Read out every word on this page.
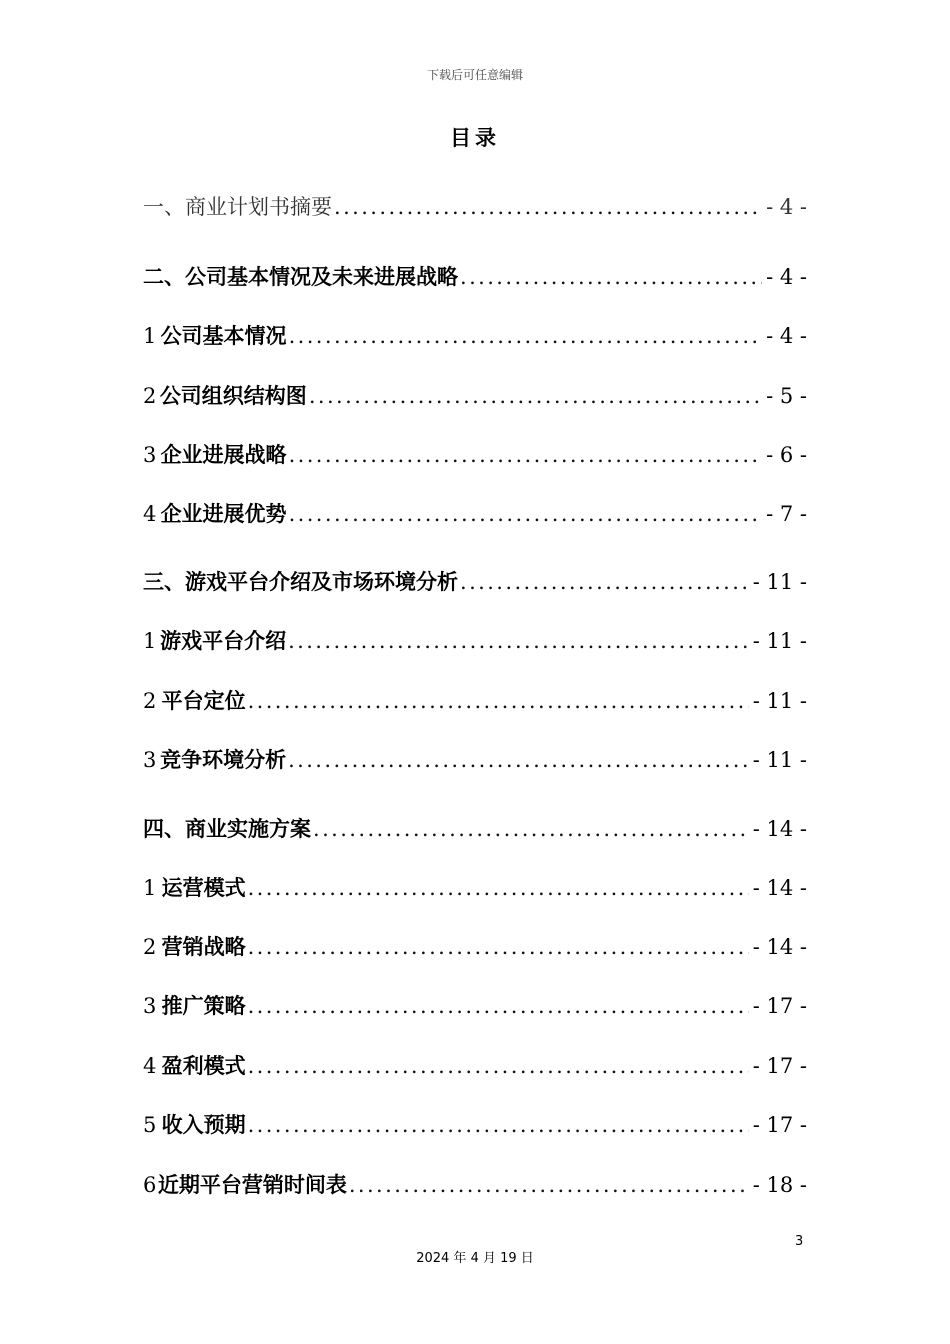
下载后可任意编辑
目录
一、商业计划书摘要 .....	- 4 -
二、公司基本情况及未来进展战略 .....	- 4 -
1 公司基本情况 .....	- 4 -
2 公司组织结构图 .....	- 5 -
3 企业进展战略 .....	- 6 -
4 企业进展优势 .....	- 7 -
三、游戏平台介绍及市场环境分析 .....	- 11 -
1 游戏平台介绍 .....	- 11 -
2 平台定位 .....	- 11 -
3 竞争环境分析 .....	- 11 -
四、商业实施方案 .....	- 14 -
1 运营模式 .....	- 14 -
2 营销战略 .....	- 14 -
3 推广策略 .....	- 17 -
4 盈利模式 .....	- 17 -
5 收入预期 .....	- 17 -
6 近期平台营销时间表 .....	- 18 -
3
2024 年 4 月 19 日
